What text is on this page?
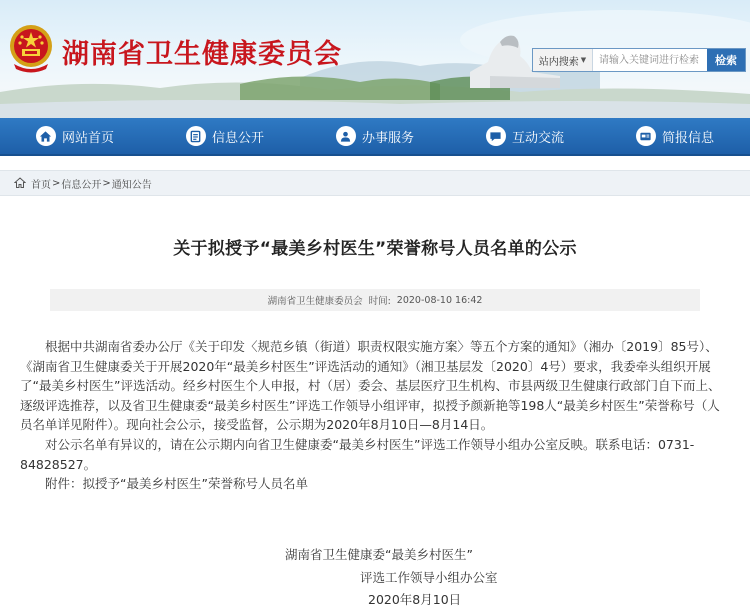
湖南省卫生健康委员会	站内搜索 ▼
请输入关键词进行检索	检索
网站首页	信息公开	办事服务	互动交流	简报信息
首页 > 信息公开 > 通知公告
关于拟授予“最美乡村医生”荣誉称号人员名单的公示
湖南省卫生健康委员会 时间: 2020-08-10 16:42

根据中共湖南省委办公厅《关于印发〈规范乡镇（街道）职责权限实施方案〉等五个方案的通知》（湘办〔2019〕85号）、《湖南省卫生健康委关于开展2020年“最美乡村医生”评选活动的通知》（湘卫基层发〔2020〕4号）要求，我委牵头组织开展了“最美乡村医生”评选活动。经乡村医生个人申报，村（居）委会、基层医疗卫生机构、市县两级卫生健康行政部门自下而上、逐级评选推荐，以及省卫生健康委“最美乡村医生”评选工作领导小组评审，拟授予颜新艳等198人“最美乡村医生”荣誉称号（人员名单详见附件）。现向社会公示，接受监督，公示期为2020年8月10日—8月14日。

对公示名单有异议的，请在公示期内向省卫生健康委“最美乡村医生”评选工作领导小组办公室反映。联系电话：0731-84828527。

附件：拟授予“最美乡村医生”荣誉称号人员名单

湖南省卫生健康委“最美乡村医生”
评选工作领导小组办公室
2020年8月10日
